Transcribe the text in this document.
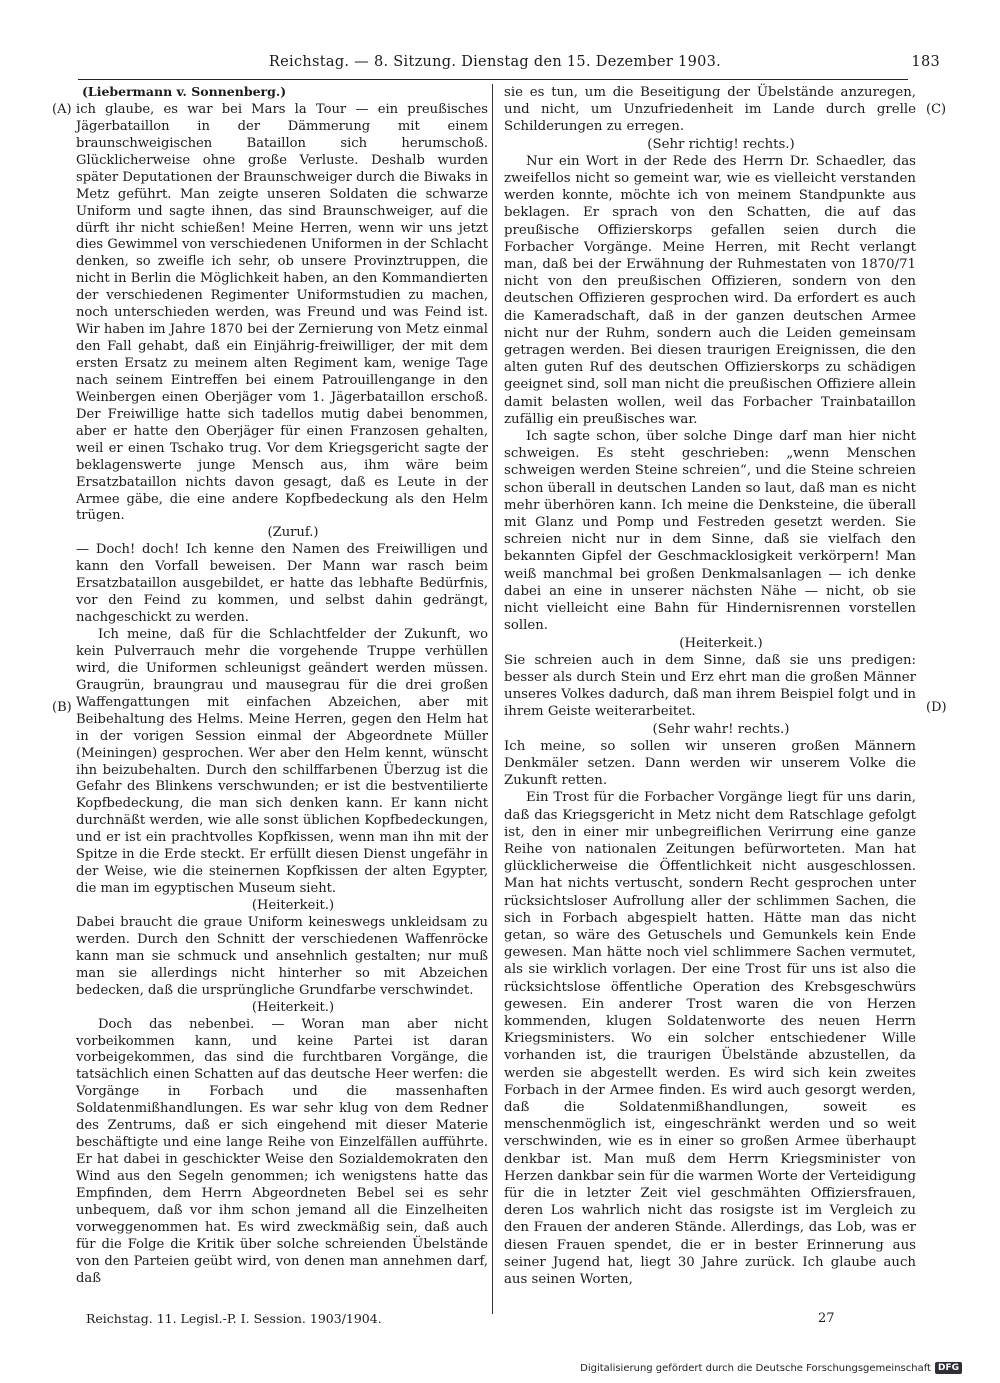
Reichstag. — 8. Sitzung. Dienstag den 15. Dezember 1903.	183
(A)
(B)
(C)
(D)
(Liebermann v. Sonnenberg.)

ich glaube, es war bei Mars la Tour — ein preußisches Jägerbataillon in der Dämmerung mit einem braunschweigischen Bataillon sich herumschoß. Glücklicherweise ohne große Verluste. Deshalb wurden später Deputationen der Braunschweiger durch die Biwaks in Metz geführt. Man zeigte unseren Soldaten die schwarze Uniform und sagte ihnen, das sind Braunschweiger, auf die dürft ihr nicht schießen! Meine Herren, wenn wir uns jetzt dies Gewimmel von verschiedenen Uniformen in der Schlacht denken, so zweifle ich sehr, ob unsere Provinztruppen, die nicht in Berlin die Möglichkeit haben, an den Kommandierten der verschiedenen Regimenter Uniformstudien zu machen, noch unterschieden werden, was Freund und was Feind ist. Wir haben im Jahre 1870 bei der Zernierung von Metz einmal den Fall gehabt, daß ein Einjährig-freiwilliger, der mit dem ersten Ersatz zu meinem alten Regiment kam, wenige Tage nach seinem Eintreffen bei einem Patrouillengange in den Weinbergen einen Oberjäger vom 1. Jägerbataillon erschoß. Der Freiwillige hatte sich tadellos mutig dabei benommen, aber er hatte den Oberjäger für einen Franzosen gehalten, weil er einen Tschako trug. Vor dem Kriegsgericht sagte der beklagenswerte junge Mensch aus, ihm wäre beim Ersatzbataillon nichts davon gesagt, daß es Leute in der Armee gäbe, die eine andere Kopfbedeckung als den Helm trügen.

(Zuruf.)

— Doch! doch! Ich kenne den Namen des Freiwilligen und kann den Vorfall beweisen. Der Mann war rasch beim Ersatzbataillon ausgebildet, er hatte das lebhafte Bedürfnis, vor den Feind zu kommen, und selbst dahin gedrängt, nachgeschickt zu werden.

Ich meine, daß für die Schlachtfelder der Zukunft, wo kein Pulverrauch mehr die vorgehende Truppe verhüllen wird, die Uniformen schleunigst geändert werden müssen. Graugrün, braungrau und mausegrau für die drei großen Waffengattungen mit einfachen Abzeichen, aber mit Beibehaltung des Helms. Meine Herren, gegen den Helm hat in der vorigen Session einmal der Abgeordnete Müller (Meiningen) gesprochen. Wer aber den Helm kennt, wünscht ihn beizubehalten. Durch den schilffarbenen Überzug ist die Gefahr des Blinkens verschwunden; er ist die bestventilierte Kopfbedeckung, die man sich denken kann. Er kann nicht durchnäßt werden, wie alle sonst üblichen Kopfbedeckungen, und er ist ein prachtvolles Kopfkissen, wenn man ihn mit der Spitze in die Erde steckt. Er erfüllt diesen Dienst ungefähr in der Weise, wie die steinernen Kopfkissen der alten Egypter, die man im egyptischen Museum sieht.

(Heiterkeit.)

Dabei braucht die graue Uniform keineswegs unkleidsam zu werden. Durch den Schnitt der verschiedenen Waffenröcke kann man sie schmuck und ansehnlich gestalten; nur muß man sie allerdings nicht hinterher so mit Abzeichen bedecken, daß die ursprüngliche Grundfarbe verschwindet.

(Heiterkeit.)

Doch das nebenbei. — Woran man aber nicht vorbeikommen kann, und keine Partei ist daran vorbeigekommen, das sind die furchtbaren Vorgänge, die tatsächlich einen Schatten auf das deutsche Heer werfen: die Vorgänge in Forbach und die massenhaften Soldatenmißhandlungen. Es war sehr klug von dem Redner des Zentrums, daß er sich eingehend mit dieser Materie beschäftigte und eine lange Reihe von Einzelfällen aufführte. Er hat dabei in geschickter Weise den Sozialdemokraten den Wind aus den Segeln genommen; ich wenigstens hatte das Empfinden, dem Herrn Abgeordneten Bebel sei es sehr unbequem, daß vor ihm schon jemand all die Einzelheiten vorweggenommen hat. Es wird zweckmäßig sein, daß auch für die Folge die Kritik über solche schreienden Übelstände von den Parteien geübt wird, von denen man annehmen darf, daß

sie es tun, um die Beseitigung der Übelstände anzuregen, und nicht, um Unzufriedenheit im Lande durch grelle Schilderungen zu erregen.

(Sehr richtig! rechts.)

Nur ein Wort in der Rede des Herrn Dr. Schaedler, das zweifellos nicht so gemeint war, wie es vielleicht verstanden werden konnte, möchte ich von meinem Standpunkte aus beklagen. Er sprach von den Schatten, die auf das preußische Offizierskorps gefallen seien durch die Forbacher Vorgänge. Meine Herren, mit Recht verlangt man, daß bei der Erwähnung der Ruhmestaten von 1870/71 nicht von den preußischen Offizieren, sondern von den deutschen Offizieren gesprochen wird. Da erfordert es auch die Kameradschaft, daß in der ganzen deutschen Armee nicht nur der Ruhm, sondern auch die Leiden gemeinsam getragen werden. Bei diesen traurigen Ereignissen, die den alten guten Ruf des deutschen Offizierskorps zu schädigen geeignet sind, soll man nicht die preußischen Offiziere allein damit belasten wollen, weil das Forbacher Trainbataillon zufällig ein preußisches war.

Ich sagte schon, über solche Dinge darf man hier nicht schweigen. Es steht geschrieben: „wenn Menschen schweigen werden Steine schreien“, und die Steine schreien schon überall in deutschen Landen so laut, daß man es nicht mehr überhören kann. Ich meine die Denksteine, die überall mit Glanz und Pomp und Festreden gesetzt werden. Sie schreien nicht nur in dem Sinne, daß sie vielfach den bekannten Gipfel der Geschmacklosigkeit verkörpern! Man weiß manchmal bei großen Denkmalsanlagen — ich denke dabei an eine in unserer nächsten Nähe — nicht, ob sie nicht vielleicht eine Bahn für Hindernisrennen vorstellen sollen.

(Heiterkeit.)

Sie schreien auch in dem Sinne, daß sie uns predigen: besser als durch Stein und Erz ehrt man die großen Männer unseres Volkes dadurch, daß man ihrem Beispiel folgt und in ihrem Geiste weiterarbeitet.

(Sehr wahr! rechts.)

Ich meine, so sollen wir unseren großen Männern Denkmäler setzen. Dann werden wir unserem Volke die Zukunft retten.

Ein Trost für die Forbacher Vorgänge liegt für uns darin, daß das Kriegsgericht in Metz nicht dem Ratschlage gefolgt ist, den in einer mir unbegreiflichen Verirrung eine ganze Reihe von nationalen Zeitungen befürworteten. Man hat glücklicherweise die Öffentlichkeit nicht ausgeschlossen. Man hat nichts vertuscht, sondern Recht gesprochen unter rücksichtsloser Aufrollung aller der schlimmen Sachen, die sich in Forbach abgespielt hatten. Hätte man das nicht getan, so wäre des Getuschels und Gemunkels kein Ende gewesen. Man hätte noch viel schlimmere Sachen vermutet, als sie wirklich vorlagen. Der eine Trost für uns ist also die rücksichtslose öffentliche Operation des Krebsgeschwürs gewesen. Ein anderer Trost waren die von Herzen kommenden, klugen Soldatenworte des neuen Herrn Kriegsministers. Wo ein solcher entschiedener Wille vorhanden ist, die traurigen Übelstände abzustellen, da werden sie abgestellt werden. Es wird sich kein zweites Forbach in der Armee finden. Es wird auch gesorgt werden, daß die Soldatenmißhandlungen, soweit es menschenmöglich ist, eingeschränkt werden und so weit verschwinden, wie es in einer so großen Armee überhaupt denkbar ist. Man muß dem Herrn Kriegsminister von Herzen dankbar sein für die warmen Worte der Verteidigung für die in letzter Zeit viel geschmähten Offiziersfrauen, deren Los wahrlich nicht das rosigste ist im Vergleich zu den Frauen der anderen Stände. Allerdings, das Lob, was er diesen Frauen spendet, die er in bester Erinnerung aus seiner Jugend hat, liegt 30 Jahre zurück. Ich glaube auch aus seinen Worten,

Reichstag. 11. Legisl.-P. I. Session. 1903/1904.	27
Digitalisierung gefördert durch die Deutsche Forschungsgemeinschaft DFG
